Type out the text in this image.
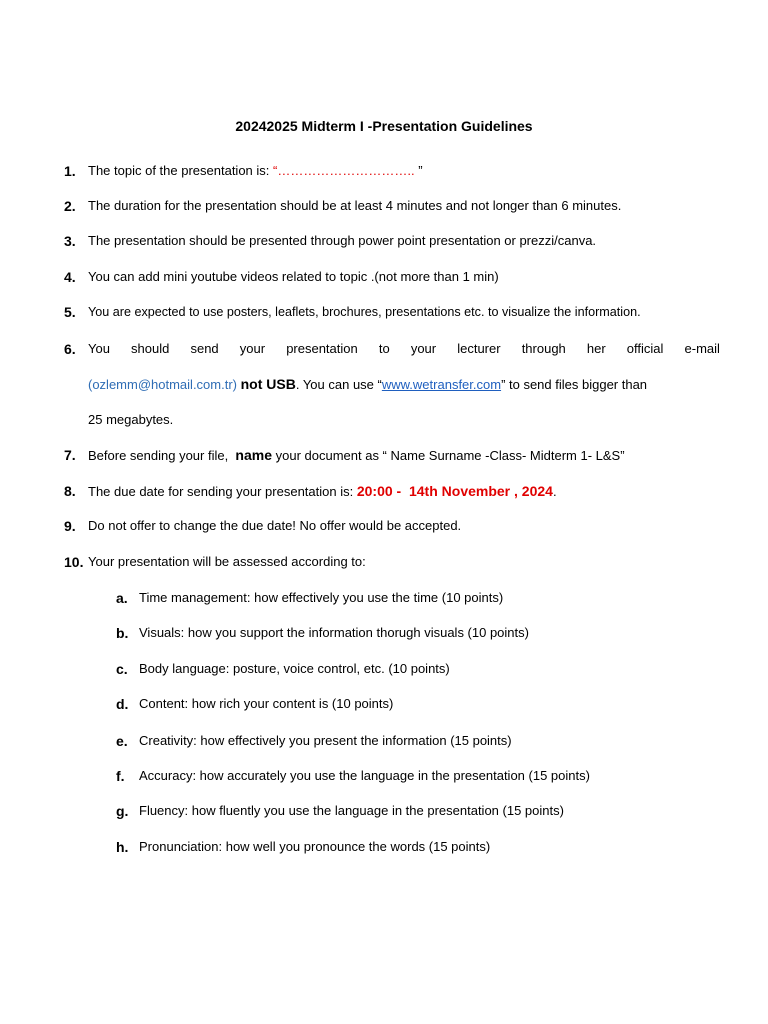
20242025 Midterm I -Presentation Guidelines
1. The topic of the presentation is: “………………………….. ”
2. The duration for the presentation should be at least 4 minutes and not longer than 6 minutes.
3. The presentation should be presented through power point presentation or prezzi/canva.
4. You can add mini youtube videos related to topic .(not more than 1 min)
5. You are expected to use posters, leaflets, brochures, presentations etc. to visualize the information.
6. You should send your presentation to your lecturer through her official e-mail
(ozlemm@hotmail.com.tr) not USB. You can use “www.wetransfer.com” to send files bigger than
25 megabytes.
7. Before sending your file,  name your document as “ Name Surname -Class- Midterm 1- L&S”
8. The due date for sending your presentation is: 20:00 -  14th November , 2024.
9. Do not offer to change the due date! No offer would be accepted.
10. Your presentation will be assessed according to:
a. Time management: how effectively you use the time (10 points)
b. Visuals: how you support the information thorugh visuals (10 points)
c. Body language: posture, voice control, etc. (10 points)
d. Content: how rich your content is (10 points)
e. Creativity: how effectively you present the information (15 points)
f. Accuracy: how accurately you use the language in the presentation (15 points)
g. Fluency: how fluently you use the language in the presentation (15 points)
h. Pronunciation: how well you pronounce the words (15 points)
